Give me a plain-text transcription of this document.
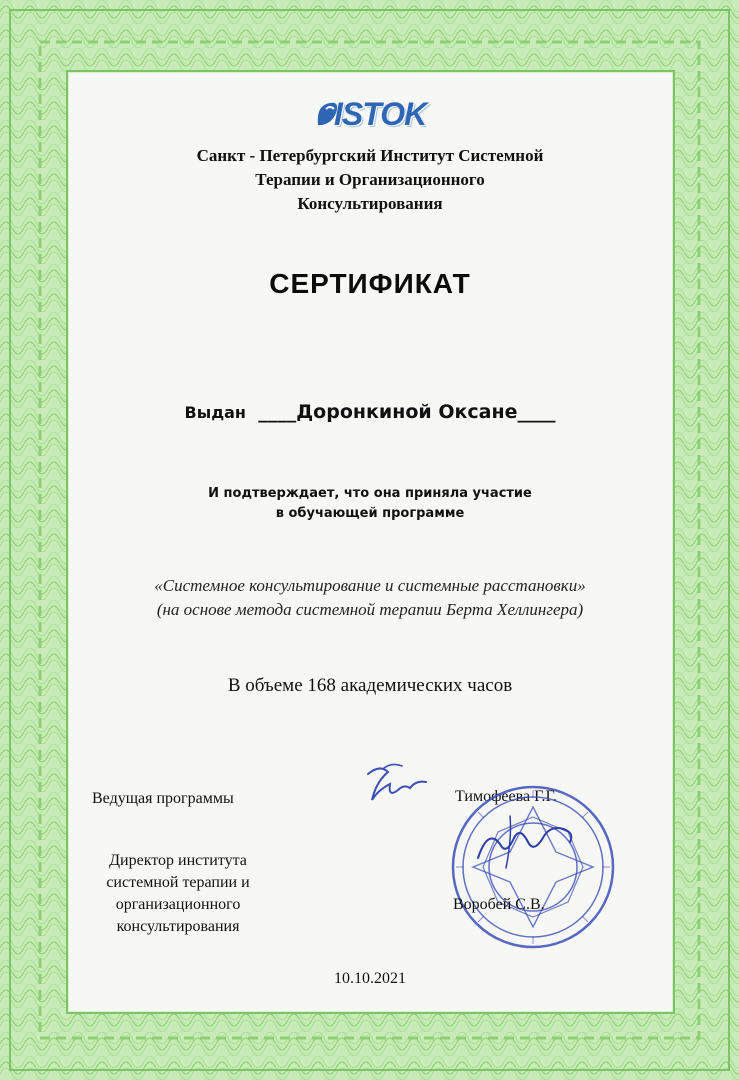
ISTOK
Санкт - Петербургский Институт Системной
Терапии и Организационного
Консультирования
СЕРТИФИКАТ
Выдан ____Доронкиной Оксане____
И подтверждает, что она приняла участие
в обучающей программе
«Системное консультирование и системные расстановки»
(на основе метода системной терапии Берта Хеллингера)
В объеме 168 академических часов
Ведущая программы	Тимофеева Г.Г.
Директор института
системной терапии и
организационного
консультирования
Воробей С.В.
10.10.2021
